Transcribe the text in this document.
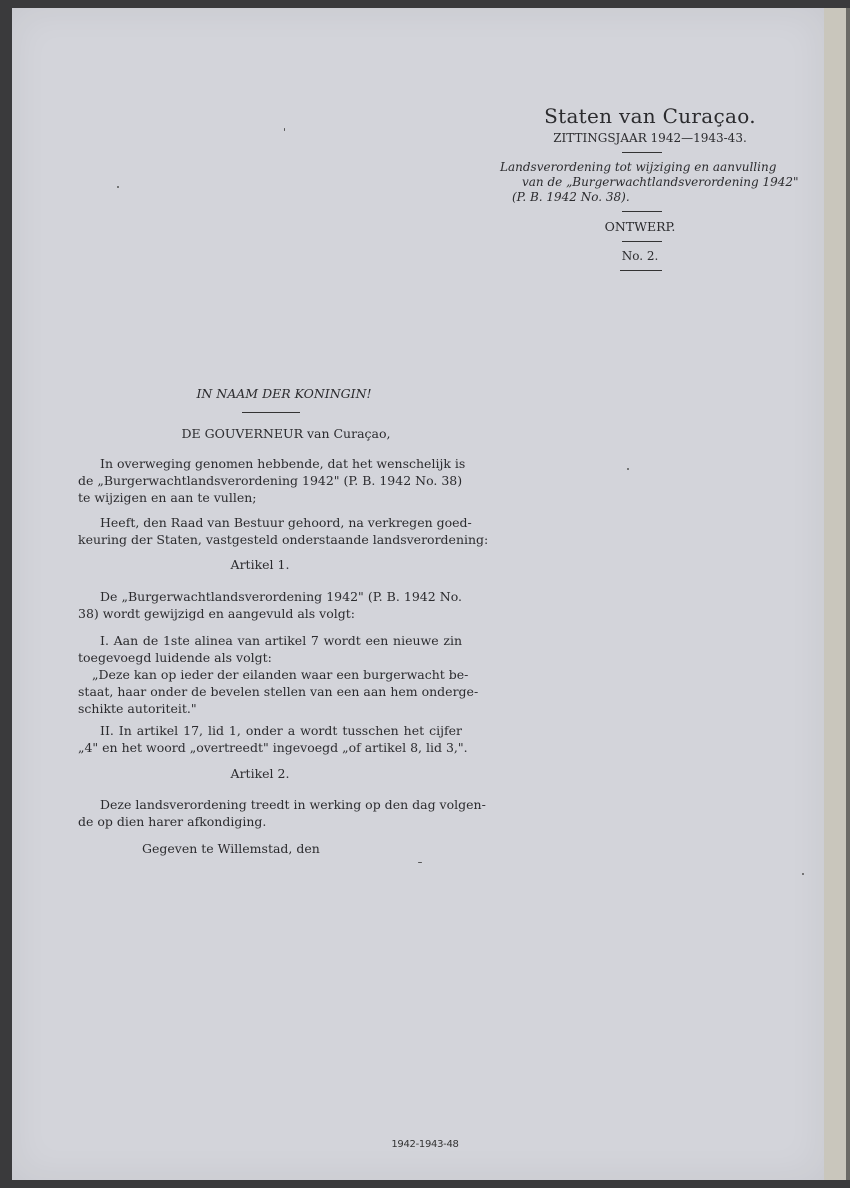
Staten van Curaçao.
ZITTINGSJAAR 1942—1943-43.
Landsverordening tot wijziging en aanvulling
van de „Burgerwachtlandsverordening 1942"
(P. B. 1942 No. 38).
ONTWERP.
No. 2.
IN NAAM DER KONINGIN!
DE GOUVERNEUR van Curaçao,
In overweging genomen hebbende, dat het wenschelijk is
de „Burgerwachtlandsverordening 1942" (P. B. 1942 No. 38)
te wijzigen en aan te vullen;
Heeft, den Raad van Bestuur gehoord, na verkregen goed-
keuring der Staten, vastgesteld onderstaande landsverordening:
Artikel 1.
De „Burgerwachtlandsverordening 1942" (P. B. 1942 No.
38) wordt gewijzigd en aangevuld als volgt:
I. Aan de 1ste alinea van artikel 7 wordt een nieuwe zin
toegevoegd luidende als volgt:
„Deze kan op ieder der eilanden waar een burgerwacht be-
staat, haar onder de bevelen stellen van een aan hem onderge-
schikte autoriteit."
II. In artikel 17, lid 1, onder a wordt tusschen het cijfer
„4" en het woord „overtreedt" ingevoegd „of artikel 8, lid 3,".
Artikel 2.
Deze landsverordening treedt in werking op den dag volgen-
de op dien harer afkondiging.
Gegeven te Willemstad, den
1942-1943-48
